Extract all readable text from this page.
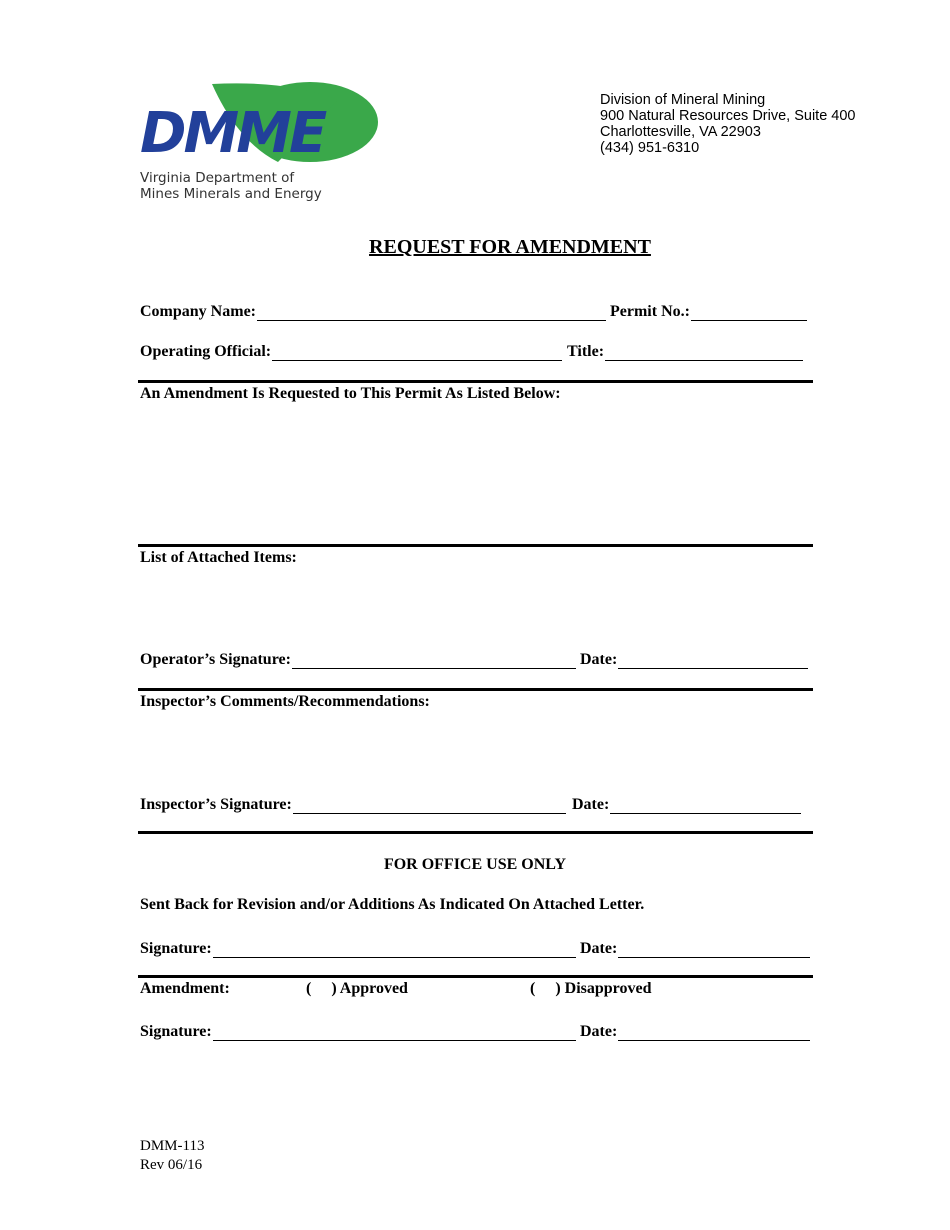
DMME
Virginia Department of
Mines Minerals and Energy
Division of Mineral Mining
900 Natural Resources Drive, Suite 400
Charlottesville, VA 22903
(434) 951-6310
REQUEST FOR AMENDMENT
Company Name:	Permit No.:
Operating Official:	Title:
An Amendment Is Requested to This Permit As Listed Below:
List of Attached Items:
Operator’s Signature:	Date:
Inspector’s Comments/Recommendations:
Inspector’s Signature:	Date:
FOR OFFICE USE ONLY
Sent Back for Revision and/or Additions As Indicated On Attached Letter.
Signature:	Date:
Amendment:	(     ) Approved	(     ) Disapproved
Signature:	Date:
DMM-113
Rev 06/16
